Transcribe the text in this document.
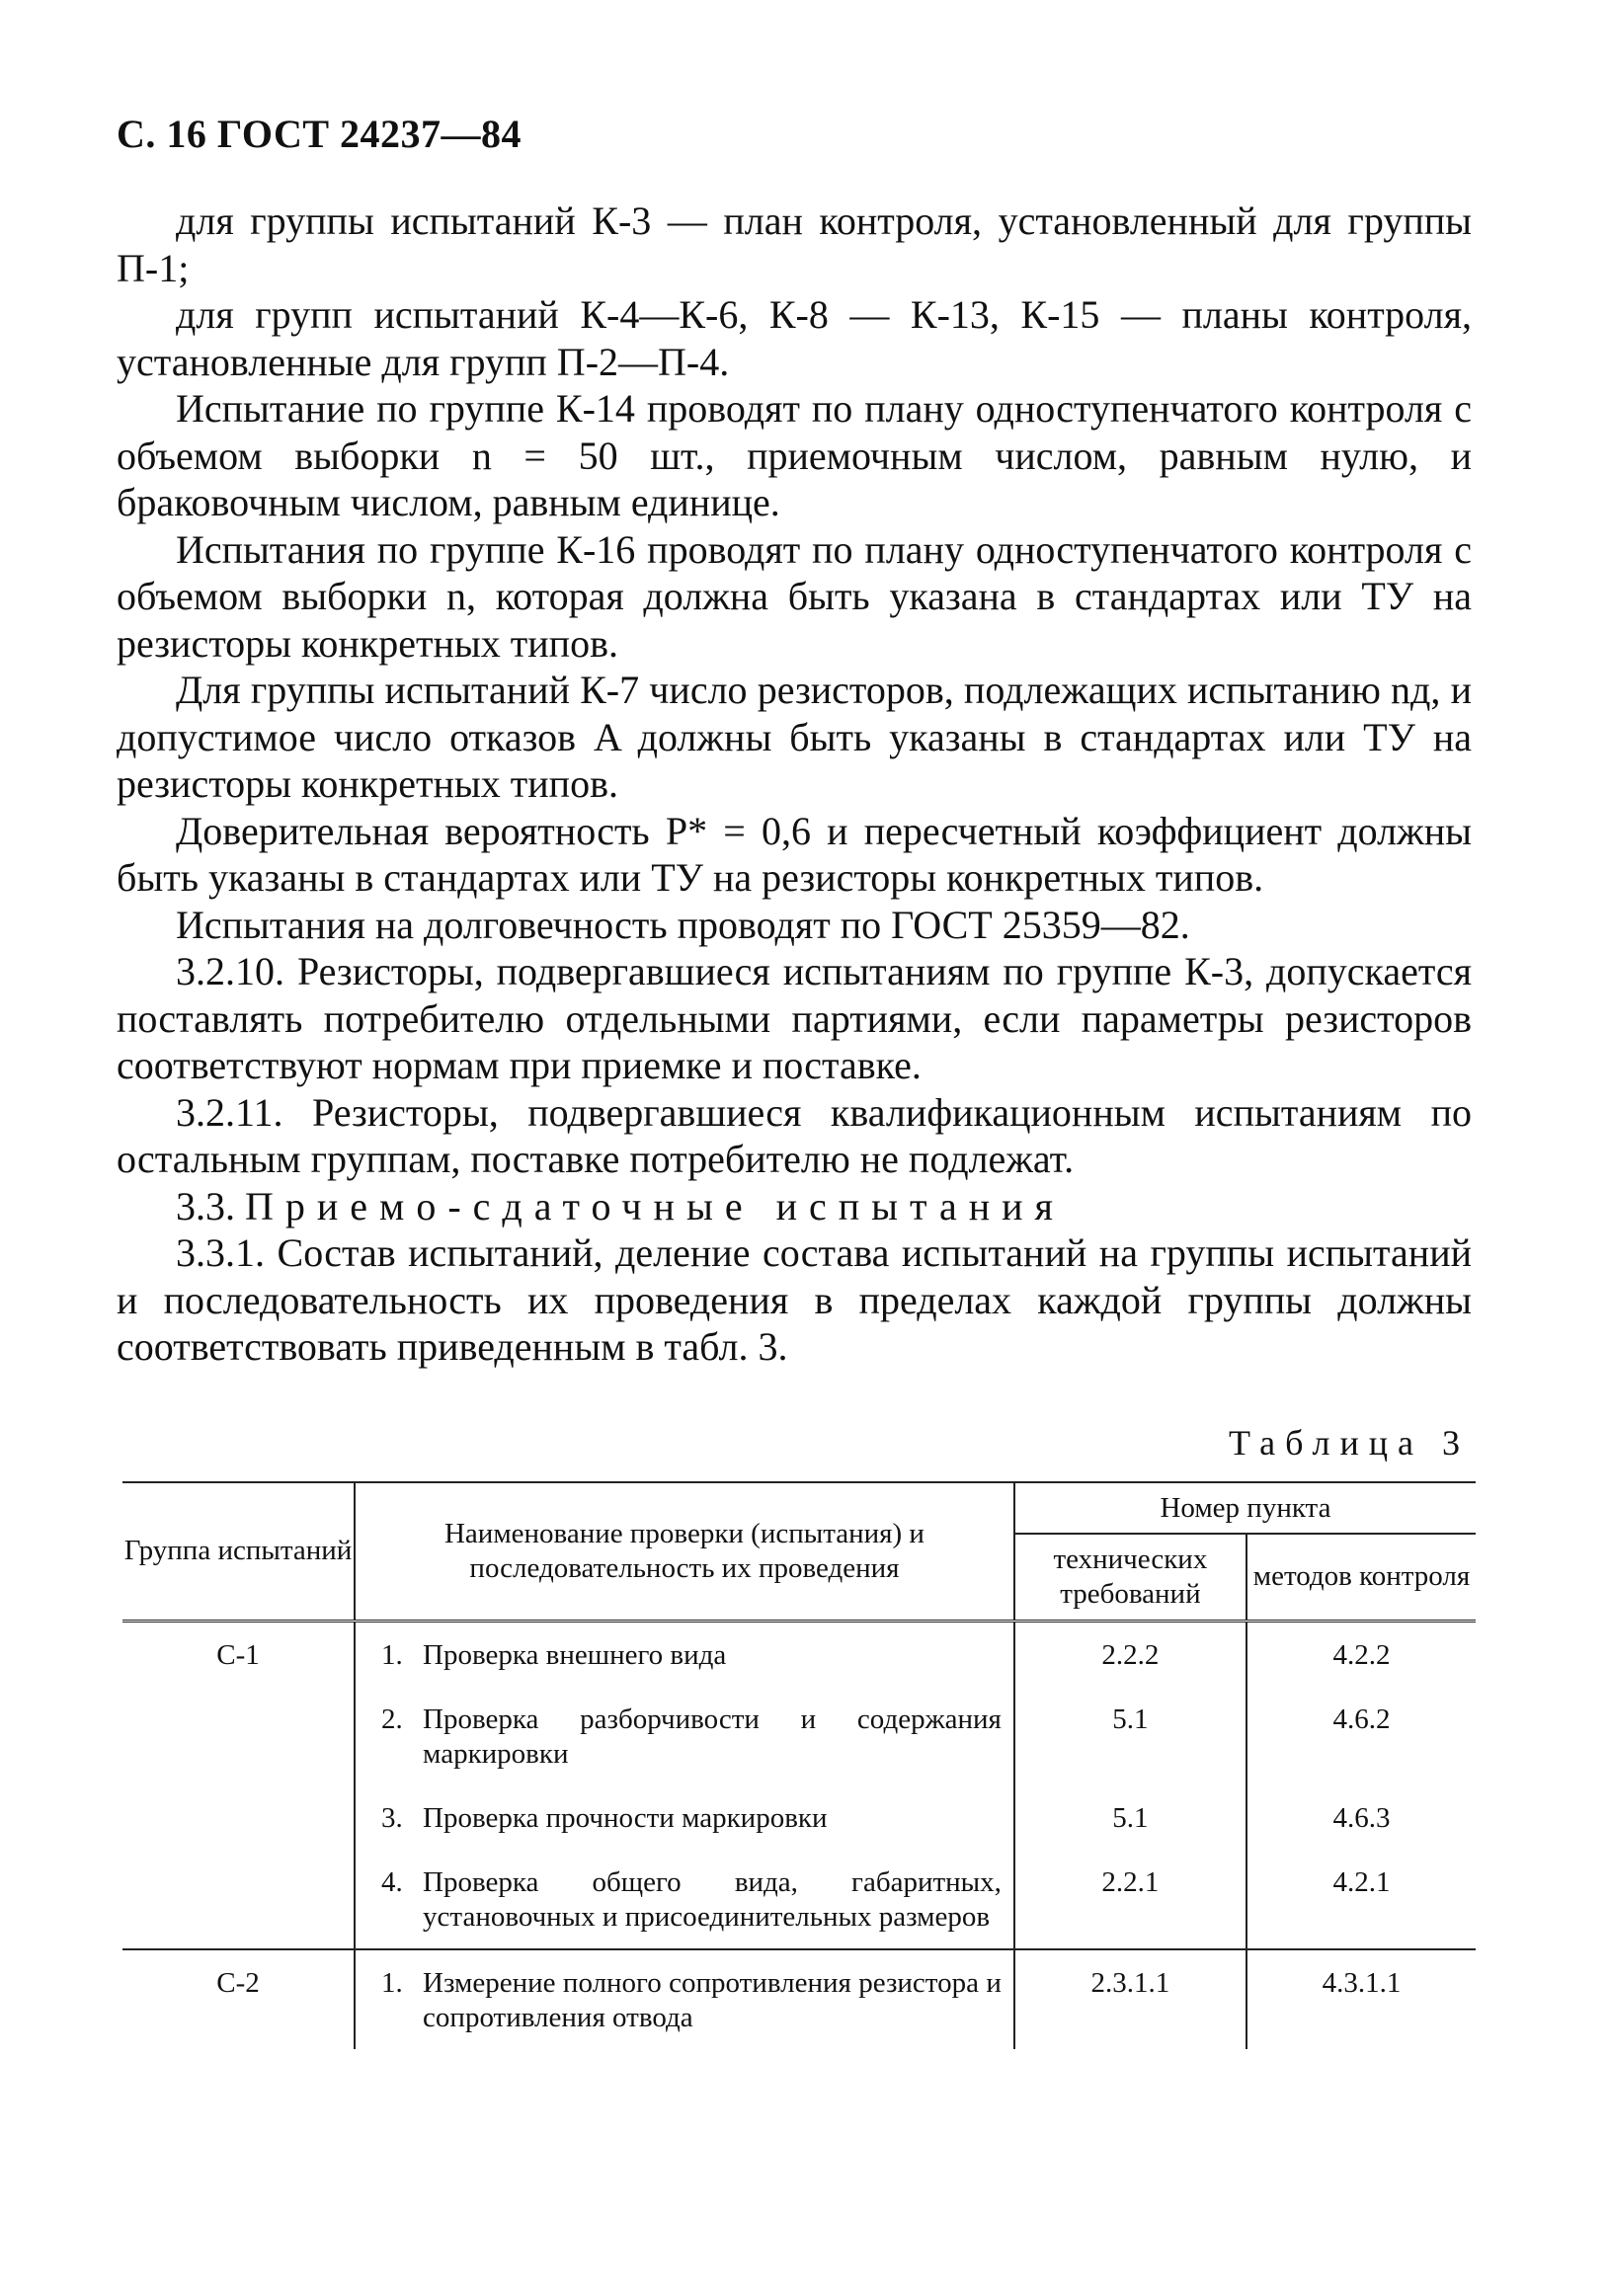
С. 16 ГОСТ 24237—84

для группы испытаний К-3 — план контроля, установленный для группы П-1;

для групп испытаний К-4—К-6, К-8 — К-13, К-15 — планы контроля, установленные для групп П-2—П-4.

Испытание по группе К-14 проводят по плану одноступенчатого контроля с объемом выборки n = 50 шт., приемочным числом, равным нулю, и браковочным числом, равным единице.

Испытания по группе К-16 проводят по плану одноступенчатого контроля с объемом выборки n, которая должна быть указана в стандартах или ТУ на резисторы конкретных типов.

Для группы испытаний К-7 число резисторов, подлежащих испытанию nд, и допустимое число отказов A должны быть указаны в стандартах или ТУ на резисторы конкретных типов.

Доверительная вероятность P* = 0,6 и пересчетный коэффициент должны быть указаны в стандартах или ТУ на резисторы конкретных типов.

Испытания на долговечность проводят по ГОСТ 25359—82.

3.2.10. Резисторы, подвергавшиеся испытаниям по группе К-3, допускается поставлять потребителю отдельными партиями, если параметры резисторов соответствуют нормам при приемке и поставке.

3.2.11. Резисторы, подвергавшиеся квалификационным испытаниям по остальным группам, поставке потребителю не подлежат.

3.3. Приемо-сдаточные испытания

3.3.1. Состав испытаний, деление состава испытаний на группы испытаний и последовательность их проведения в пределах каждой группы должны соответствовать приведенным в табл. 3.

Таблица 3
Группа испытаний	Наименование проверки (испытания) и последовательность их проведения	Номер пункта	
		технических требований	методов контроля
С-1	1. Проверка внешнего вида	2.2.2	4.2.2

	2. Проверка разборчивости и содержания маркировки	5.1	4.6.2

	3. Проверка прочности маркировки	5.1	4.6.3

	4. Проверка общего вида, габаритных, установочных и присоединительных размеров	2.2.1	4.2.1
С-2	1. Измерение полного сопротивления резистора и сопротивления отвода	2.3.1.1	4.3.1.1
